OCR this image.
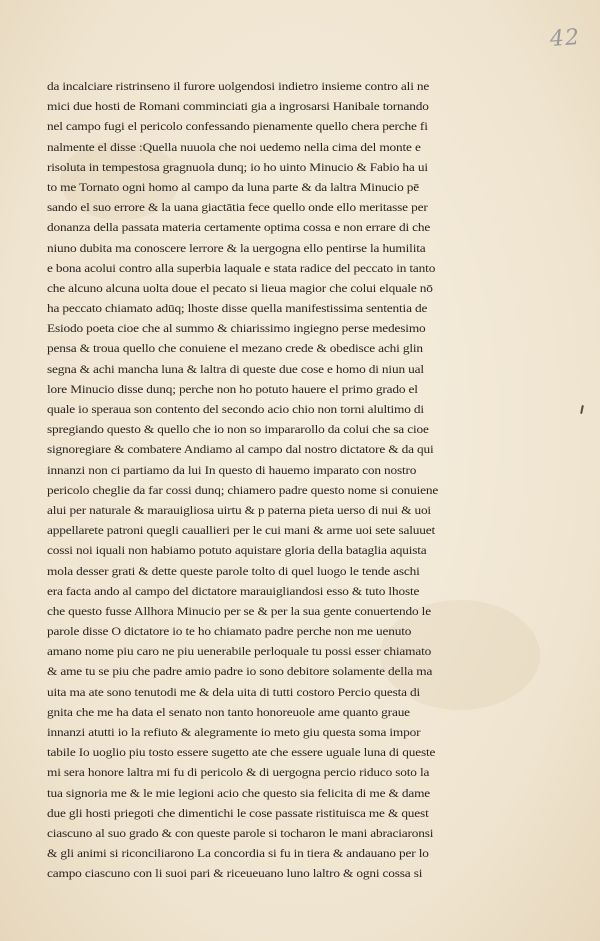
42
da incalciare ristrinseno il furore uolgendosi indietro insieme contro ali ne
mici due hosti de Romani comminciati gia a ingrosarsi Hanibale tornando
nel campo fugi el pericolo confessando pienamente quello chera perche fi
nalmente el disse :Quella nuuola che noi uedemo nella cima del monte e
risoluta in tempestosa gragnuola dunq; io ho uinto Minucio & Fabio ha ui
to me Tornato ogni homo al campo da luna parte & da laltra Minucio pē
sando el suo errore & la uana giactātia fece quello onde ello meritasse per
donanza della passata materia certamente optima cossa e non errare di che
niuno dubita ma conoscere lerrore & la uergogna ello pentirse la humilita
e bona acolui contro alla superbia laquale e stata radice del peccato in tanto
che alcuno alcuna uolta doue el pecato si lieua magior che colui elquale nō
ha peccato chiamato adūq; lhoste disse quella manifestissima sententia de
Esiodo poeta cioe che al summo & chiarissimo ingiegno perse medesimo
pensa & troua quello che conuiene el mezano crede & obedisce achi glin
segna & achi mancha luna & laltra di queste due cose e homo di niun ual
lore Minucio disse dunq; perche non ho potuto hauere el primo grado el
quale io speraua son contento del secondo acio chio non torni alultimo di
spregiando questo & quello che io non so impararollo da colui che sa cioe
signoregiare & combatere Andiamo al campo dal nostro dictatore & da qui
innanzi non ci partiamo da lui In questo di hauemo imparato con nostro
pericolo cheglie da far cossi dunq; chiamero padre questo nome si conuiene
alui per naturale & marauigliosa uirtu & p paterna pieta uerso di nui & uoi
appellarete patroni quegli cauallieri per le cui mani & arme uoi sete saluuet
cossi noi iquali non habiamo potuto aquistare gloria della bataglia aquista
mola desser grati & dette queste parole tolto di quel luogo le tende aschi
era facta ando al campo del dictatore marauigliandosi esso & tuto lhoste
che questo fusse Allhora Minucio per se & per la sua gente conuertendo le
parole disse O dictatore io te ho chiamato padre perche non me uenuto
amano nome piu caro ne piu uenerabile perloquale tu possi esser chiamato
& ame tu se piu che padre amio padre io sono debitore solamente della ma
uita ma ate sono tenutodi me & dela uita di tutti costoro Percio questa di
gnita che me ha data el senato non tanto honoreuole ame quanto graue
innanzi atutti io la refiuto & alegramente io meto giu questa soma impor
tabile Io uoglio piu tosto essere sugetto ate che essere uguale luna di queste
mi sera honore laltra mi fu di pericolo & di uergogna percio riduco soto la
tua signoria me & le mie legioni acio che questo sia felicita di me & dame
due gli hosti priegoti che dimentichi le cose passate ristituisca me & quest
ciascuno al suo grado & con queste parole si tocharon le mani abraciaronsi
& gli animi si riconciliarono La concordia si fu in tiera & andauano per lo
campo ciascuno con li suoi pari & riceueuano luno laltro & ogni cossa si
